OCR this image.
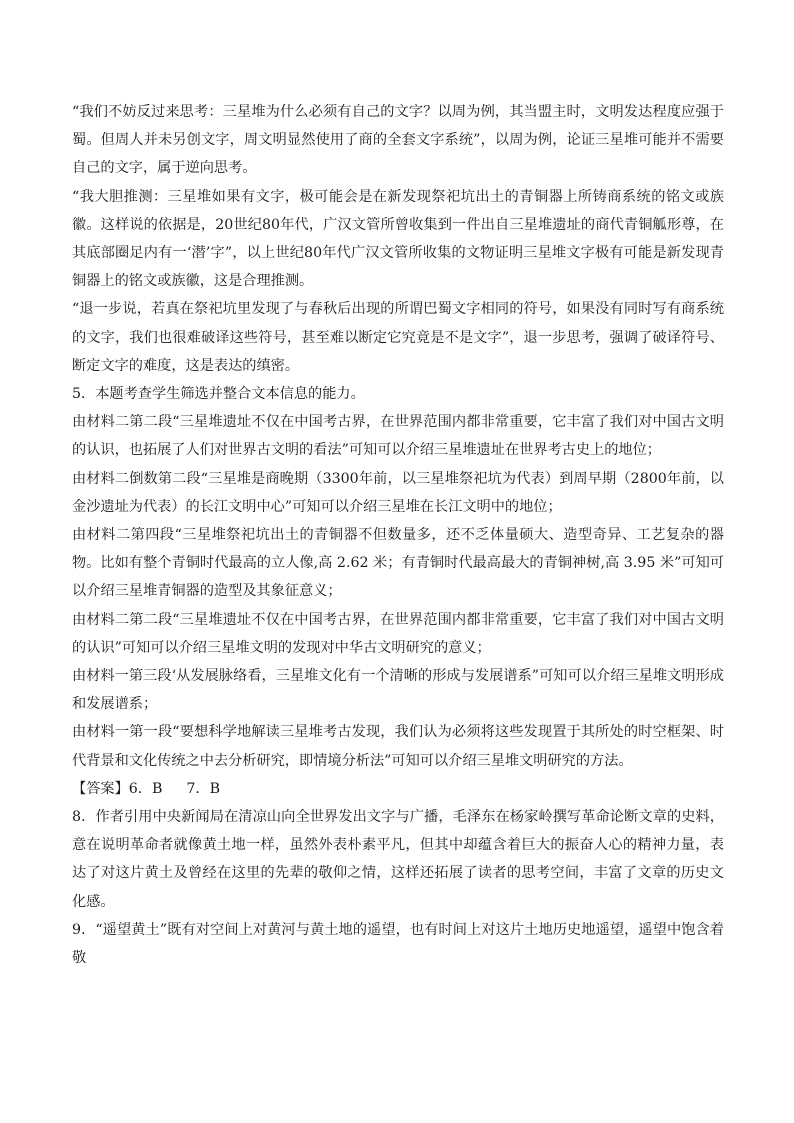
“我们不妨反过来思考：三星堆为什么必须有自己的文字？以周为例，其当盟主时，文明发达程度应强于蜀。但周人并未另创文字，周文明显然使用了商的全套文字系统”，以周为例，论证三星堆可能并不需要自己的文字，属于逆向思考。

“我大胆推测：三星堆如果有文字，极可能会是在新发现祭祀坑出土的青铜器上所铸商系统的铭文或族徽。这样说的依据是，20世纪80年代，广汉文管所曾收集到一件出自三星堆遗址的商代青铜觚形尊，在其底部圈足内有一‘潜’字”，以上世纪80年代广汉文管所收集的文物证明三星堆文字极有可能是新发现青铜器上的铭文或族徽，这是合理推测。

“退一步说，若真在祭祀坑里发现了与春秋后出现的所谓巴蜀文字相同的符号，如果没有同时写有商系统的文字，我们也很难破译这些符号，甚至难以断定它究竟是不是文字”，退一步思考，强调了破译符号、断定文字的难度，这是表达的缜密。

5．本题考查学生筛选并整合文本信息的能力。

由材料二第二段“三星堆遗址不仅在中国考古界，在世界范围内都非常重要，它丰富了我们对中国古文明的认识，也拓展了人们对世界古文明的看法”可知可以介绍三星堆遗址在世界考古史上的地位；

由材料二倒数第二段“三星堆是商晚期（3300年前，以三星堆祭祀坑为代表）到周早期（2800年前，以金沙遗址为代表）的长江文明中心”可知可以介绍三星堆在长江文明中的地位；

由材料二第四段“三星堆祭祀坑出土的青铜器不但数量多，还不乏体量硕大、造型奇异、工艺复杂的器物。比如有整个青铜时代最高的立人像,高 2.62 米；有青铜时代最高最大的青铜神树,高 3.95 米”可知可以介绍三星堆青铜器的造型及其象征意义；

由材料二第二段“三星堆遗址不仅在中国考古界，在世界范围内都非常重要，它丰富了我们对中国古文明的认识”可知可以介绍三星堆文明的发现对中华古文明研究的意义；

由材料一第三段‘从发展脉络看，三星堆文化有一个清晰的形成与发展谱系”可知可以介绍三星堆文明形成和发展谱系；

由材料一第一段“要想科学地解读三星堆考古发现，我们认为必须将这些发现置于其所处的时空框架、时代背景和文化传统之中去分析研究，即情境分析法”可知可以介绍三星堆文明研究的方法。

【答案】6．B 7．B

8．作者引用中央新闻局在清凉山向全世界发出文字与广播，毛泽东在杨家岭撰写革命论断文章的史料，意在说明革命者就像黄土地一样，虽然外表朴素平凡，但其中却蕴含着巨大的振奋人心的精神力量，表达了对这片黄土及曾经在这里的先辈的敬仰之情，这样还拓展了读者的思考空间，丰富了文章的历史文化感。

9．“遥望黄土”既有对空间上对黄河与黄土地的遥望，也有时间上对这片土地历史地遥望，遥望中饱含着敬
